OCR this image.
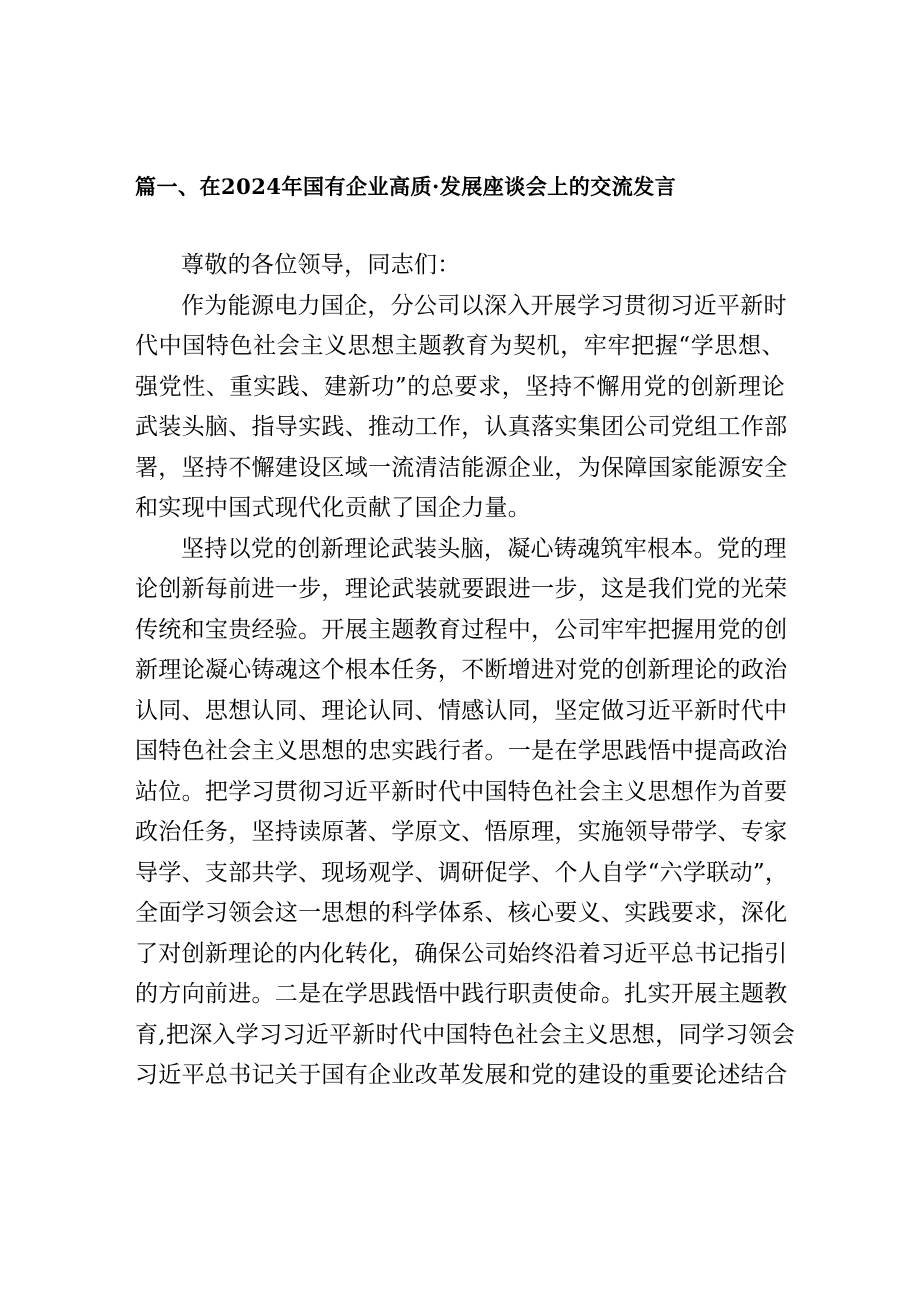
篇一、在2024年国有企业高质·发展座谈会上的交流发言
尊敬的各位领导，同志们：
作为能源电力国企，分公司以深入开展学习贯彻习近平新时
代中国特色社会主义思想主题教育为契机，牢牢把握“学思想、
强党性、重实践、建新功”的总要求，坚持不懈用党的创新理论
武装头脑、指导实践、推动工作，认真落实集团公司党组工作部
署，坚持不懈建设区域一流清洁能源企业，为保障国家能源安全
和实现中国式现代化贡献了国企力量。
坚持以党的创新理论武装头脑，凝心铸魂筑牢根本。党的理
论创新每前进一步，理论武装就要跟进一步，这是我们党的光荣
传统和宝贵经验。开展主题教育过程中，公司牢牢把握用党的创
新理论凝心铸魂这个根本任务，不断增进对党的创新理论的政治
认同、思想认同、理论认同、情感认同，坚定做习近平新时代中
国特色社会主义思想的忠实践行者。一是在学思践悟中提高政治
站位。把学习贯彻习近平新时代中国特色社会主义思想作为首要
政治任务，坚持读原著、学原文、悟原理，实施领导带学、专家
导学、支部共学、现场观学、调研促学、个人自学“六学联动”，
全面学习领会这一思想的科学体系、核心要义、实践要求，深化
了对创新理论的内化转化，确保公司始终沿着习近平总书记指引
的方向前进。二是在学思践悟中践行职责使命。扎实开展主题教
育,把深入学习习近平新时代中国特色社会主义思想，同学习领会
习近平总书记关于国有企业改革发展和党的建设的重要论述结合
